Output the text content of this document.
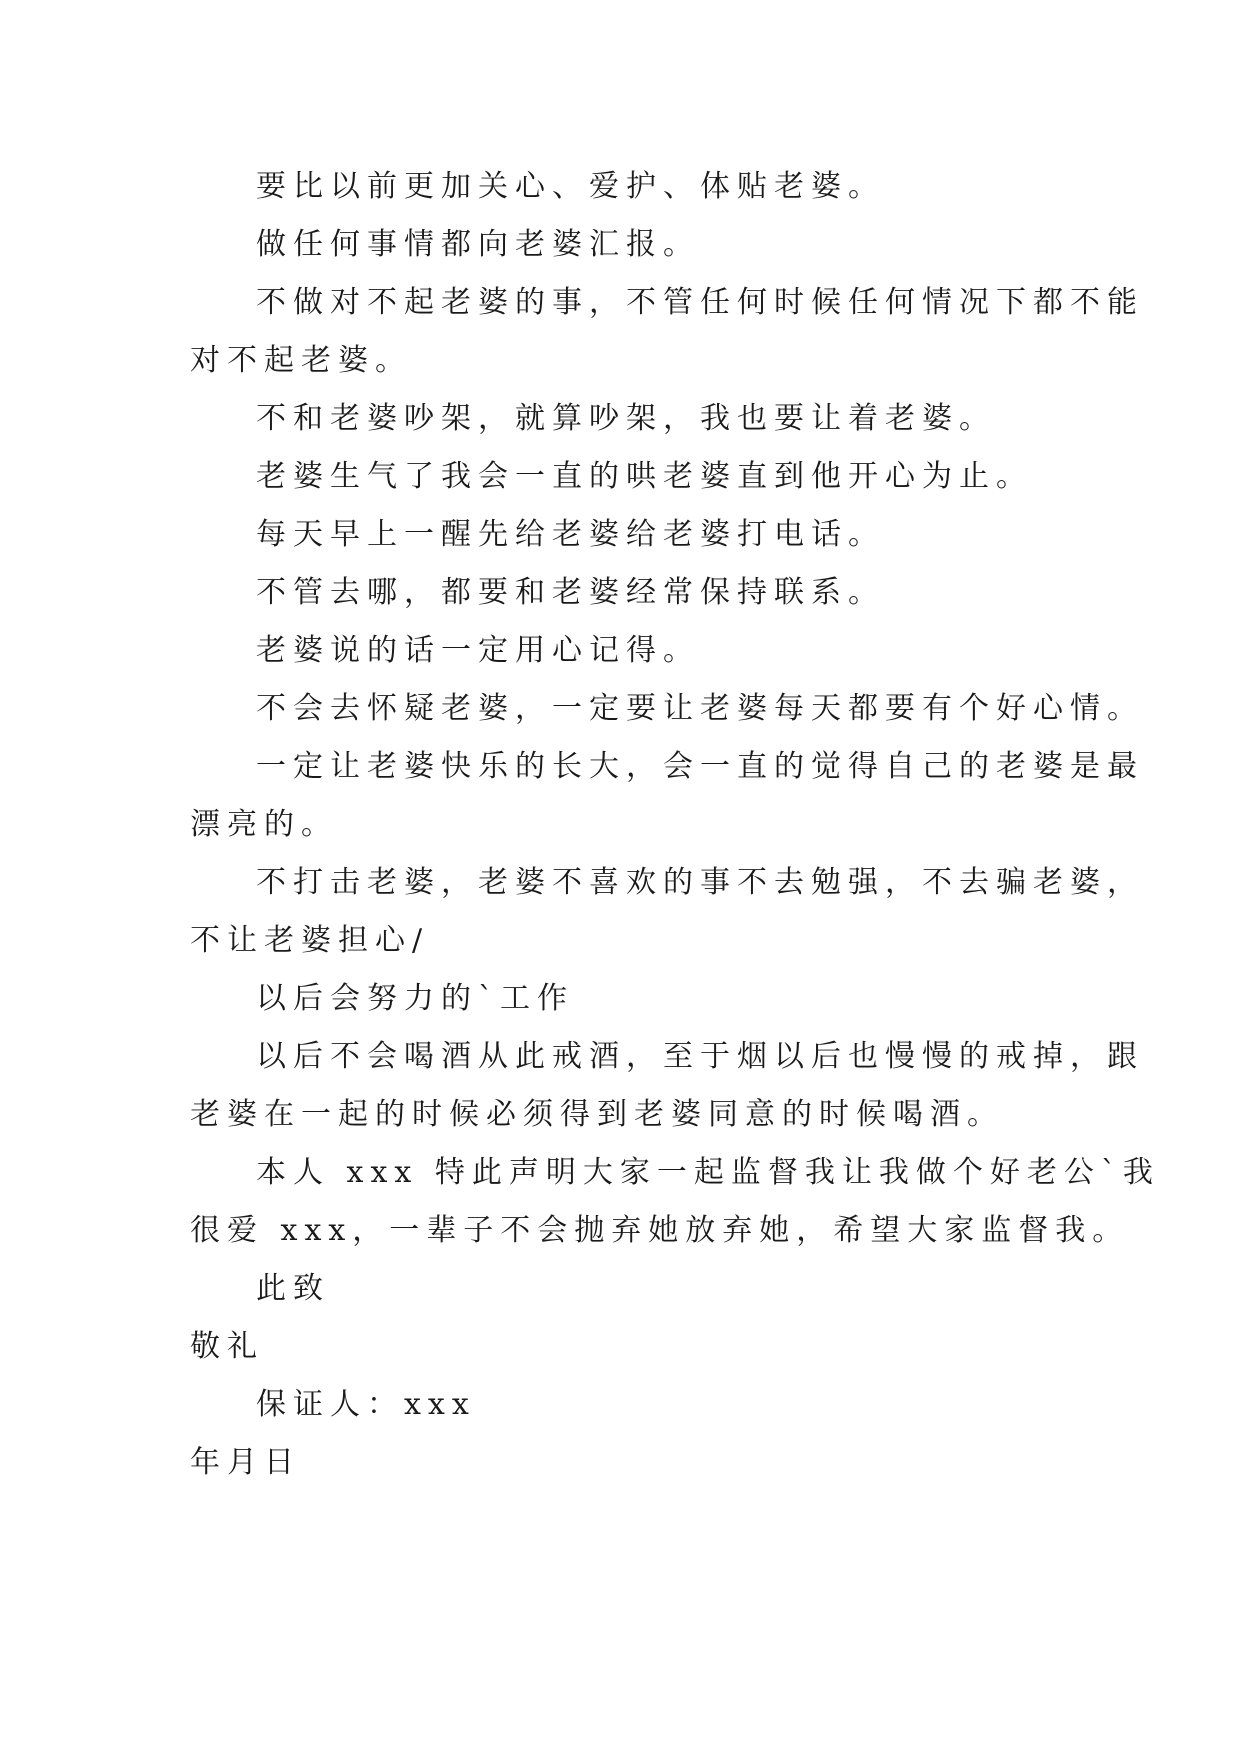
要比以前更加关心、爱护、体贴老婆。

做任何事情都向老婆汇报。

不做对不起老婆的事，不管任何时候任何情况下都不能

对不起老婆。

不和老婆吵架，就算吵架，我也要让着老婆。

老婆生气了我会一直的哄老婆直到他开心为止。

每天早上一醒先给老婆给老婆打电话。

不管去哪，都要和老婆经常保持联系。

老婆说的话一定用心记得。

不会去怀疑老婆，一定要让老婆每天都要有个好心情。

一定让老婆快乐的长大，会一直的觉得自己的老婆是最

漂亮的。

不打击老婆，老婆不喜欢的事不去勉强，不去骗老婆，

不让老婆担心/

以后会努力的`工作

以后不会喝酒从此戒酒，至于烟以后也慢慢的戒掉，跟

老婆在一起的时候必须得到老婆同意的时候喝酒。

本人 xxx 特此声明大家一起监督我让我做个好老公`我

很爱 xxx，一辈子不会抛弃她放弃她，希望大家监督我。

此致

敬礼

保证人：xxx

年月日
